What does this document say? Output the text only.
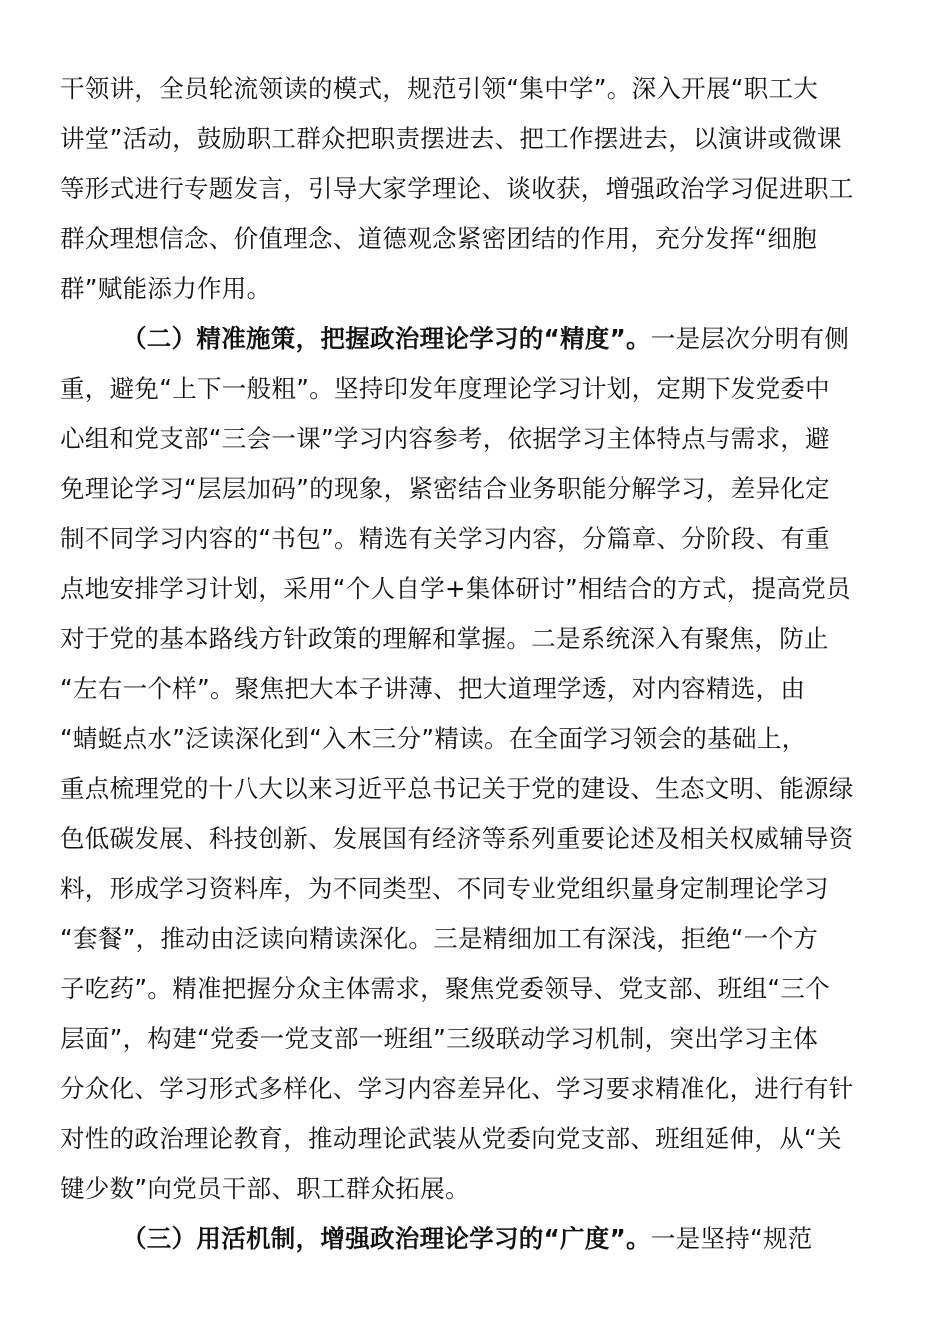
干领讲，全员轮流领读的模式，规范引领“集中学”。深入开展“职工大
讲堂”活动，鼓励职工群众把职责摆进去、把工作摆进去，以演讲或微课
等形式进行专题发言，引导大家学理论、谈收获，增强政治学习促进职工
群众理想信念、价值理念、道德观念紧密团结的作用，充分发挥“细胞
群”赋能添力作用。
（二）精准施策，把握政治理论学习的“精度”。一是层次分明有侧
重，避免“上下一般粗”。坚持印发年度理论学习计划，定期下发党委中
心组和党支部“三会一课”学习内容参考，依据学习主体特点与需求，避
免理论学习“层层加码”的现象，紧密结合业务职能分解学习，差异化定
制不同学习内容的“书包”。精选有关学习内容，分篇章、分阶段、有重
点地安排学习计划，采用“个人自学+集体研讨”相结合的方式，提高党员
对于党的基本路线方针政策的理解和掌握。二是系统深入有聚焦，防止
“左右一个样”。聚焦把大本子讲薄、把大道理学透，对内容精选，由
“蜻蜓点水”泛读深化到“入木三分”精读。在全面学习领会的基础上，
重点梳理党的十八大以来习近平总书记关于党的建设、生态文明、能源绿
色低碳发展、科技创新、发展国有经济等系列重要论述及相关权威辅导资
料，形成学习资料库，为不同类型、不同专业党组织量身定制理论学习
“套餐”，推动由泛读向精读深化。三是精细加工有深浅，拒绝“一个方
子吃药”。精准把握分众主体需求，聚焦党委领导、党支部、班组“三个
层面”，构建“党委一党支部一班组”三级联动学习机制，突出学习主体
分众化、学习形式多样化、学习内容差异化、学习要求精准化，进行有针
对性的政治理论教育，推动理论武装从党委向党支部、班组延伸，从“关
键少数”向党员干部、职工群众拓展。
（三）用活机制，增强政治理论学习的“广度”。一是坚持“规范
